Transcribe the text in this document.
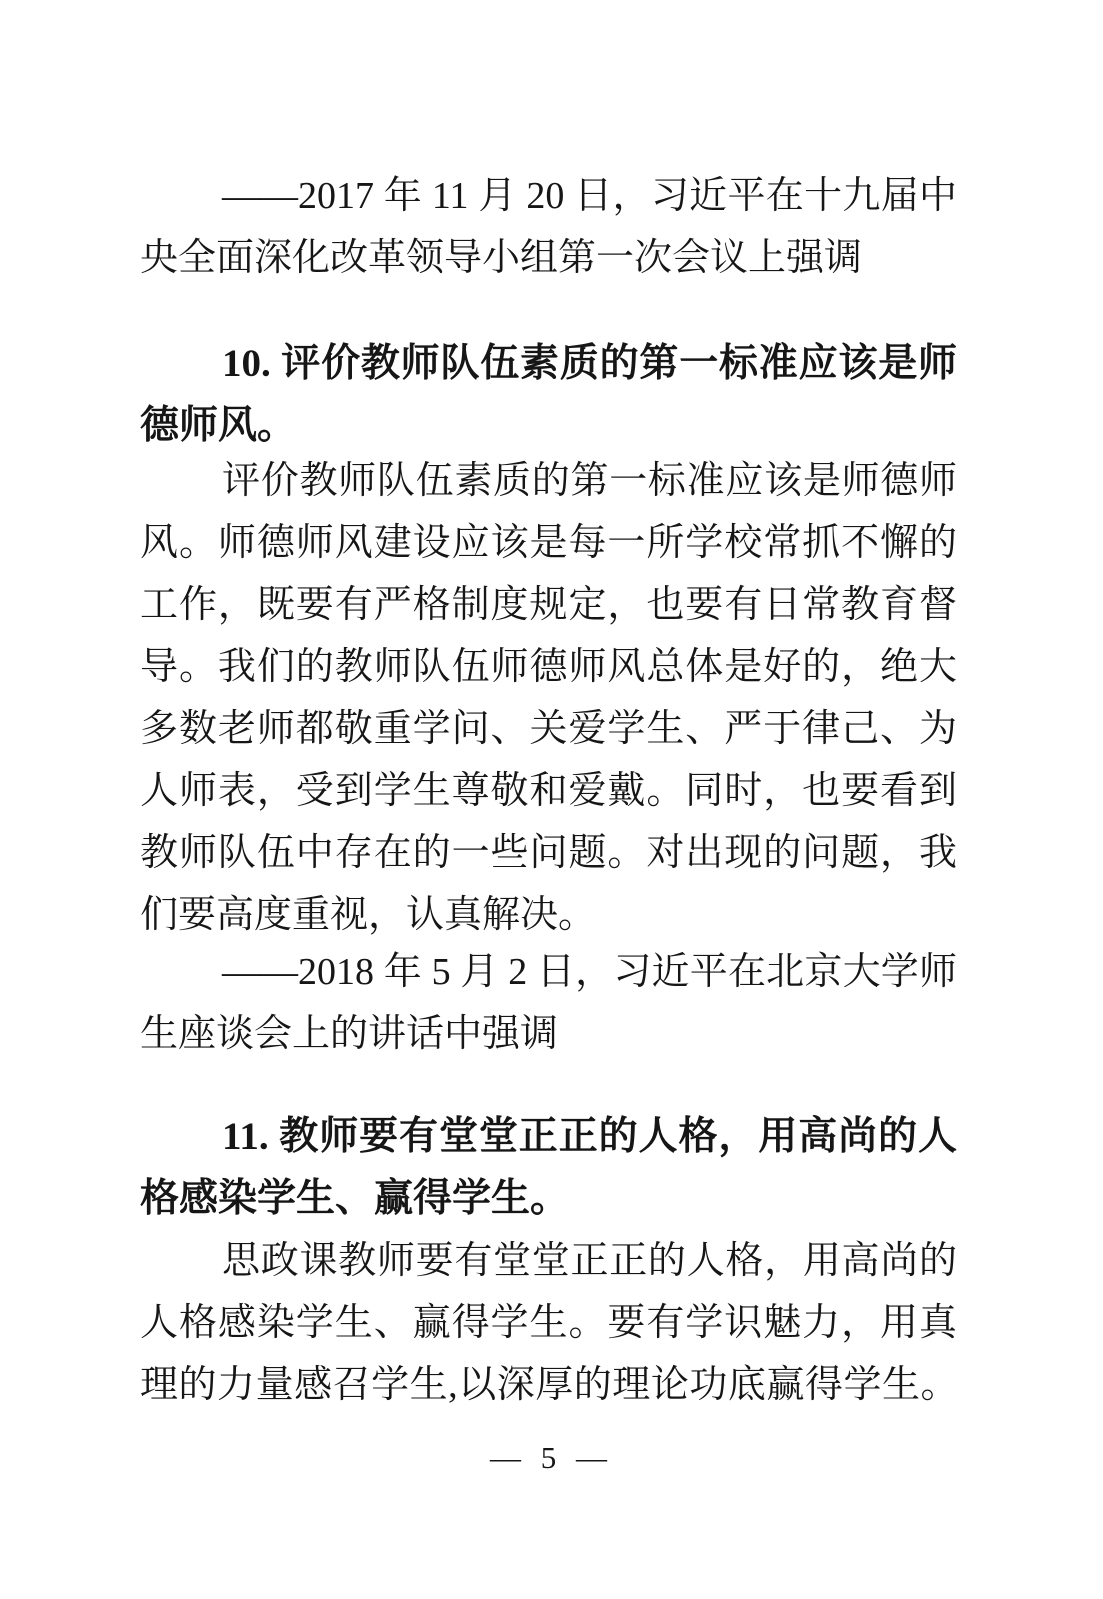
——2017 年 11 月 20 日，习近平在十九届中
央全面深化改革领导小组第一次会议上强调
10. 评价教师队伍素质的第一标准应该是师
德师风。
评价教师队伍素质的第一标准应该是师德师
风。师德师风建设应该是每一所学校常抓不懈的
工作，既要有严格制度规定，也要有日常教育督
导。我们的教师队伍师德师风总体是好的，绝大
多数老师都敬重学问、关爱学生、严于律己、为
人师表，受到学生尊敬和爱戴。同时，也要看到
教师队伍中存在的一些问题。对出现的问题，我
们要高度重视，认真解决。
——2018 年 5 月 2 日，习近平在北京大学师
生座谈会上的讲话中强调
11. 教师要有堂堂正正的人格，用高尚的人
格感染学生、赢得学生。
思政课教师要有堂堂正正的人格，用高尚的
人格感染学生、赢得学生。要有学识魅力，用真
理的力量感召学生,以深厚的理论功底赢得学生。
— 5 —
